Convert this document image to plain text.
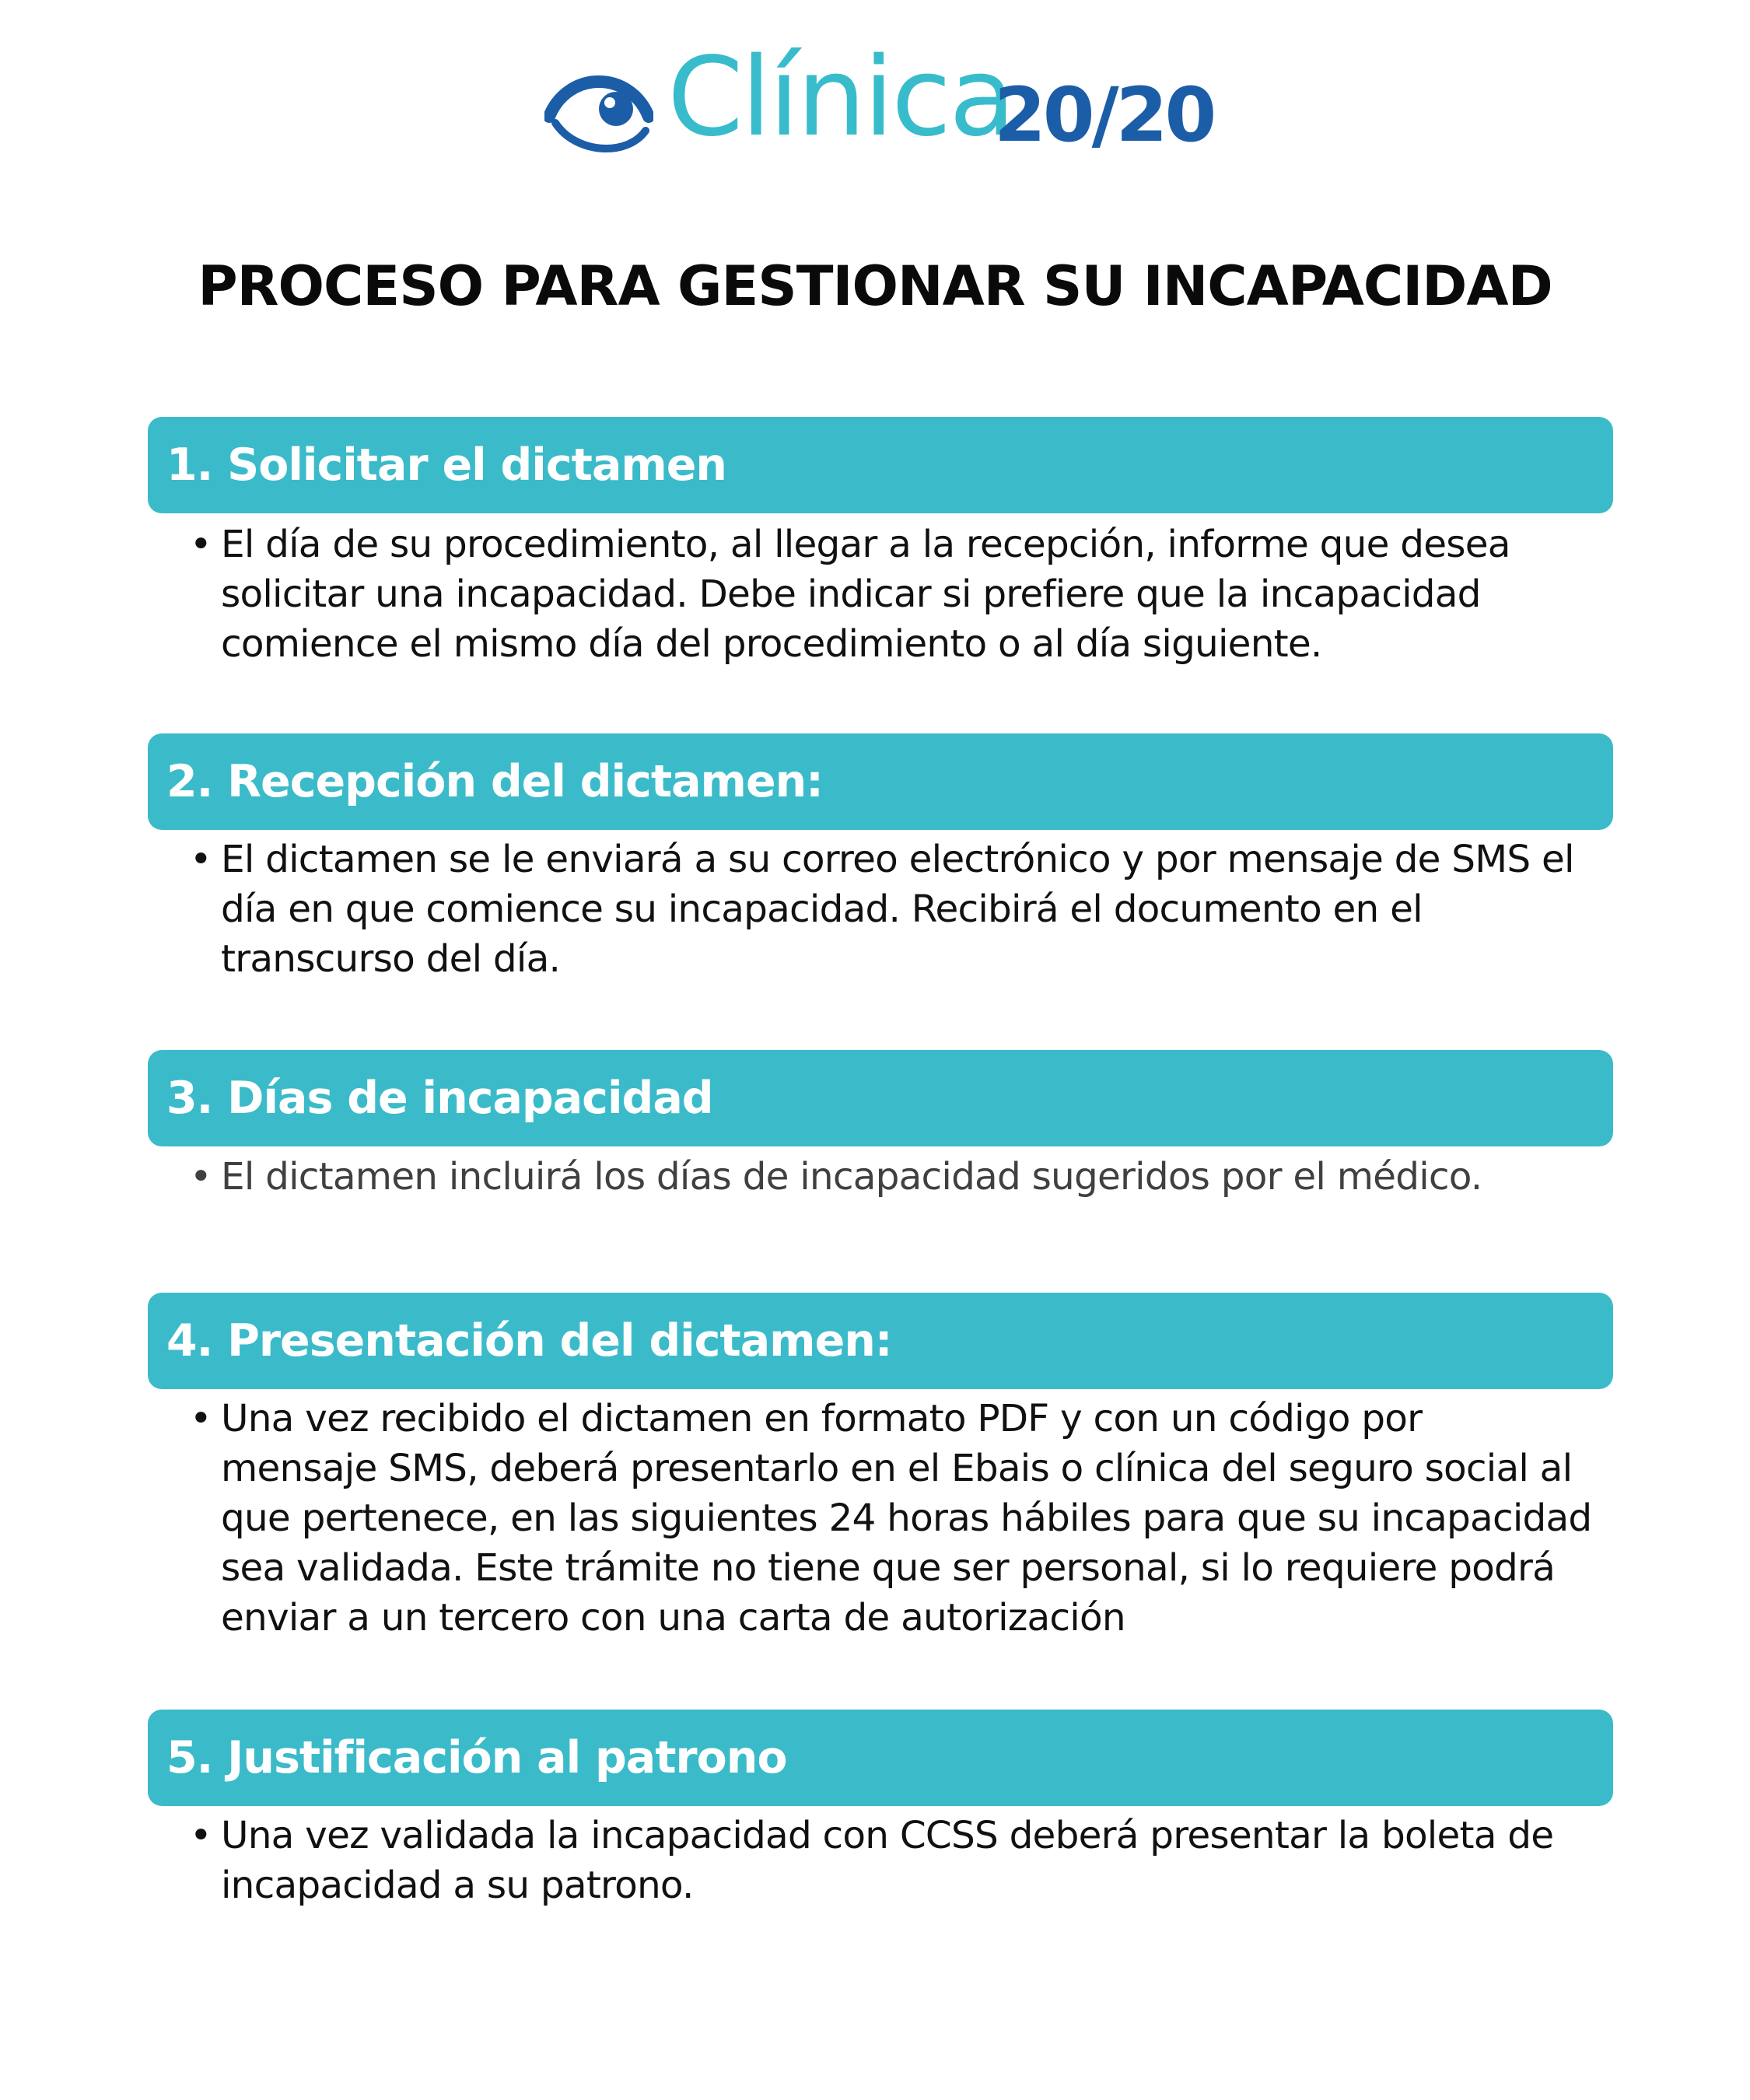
Clínica
20/20
PROCESO PARA GESTIONAR SU INCAPACIDAD
1. Solicitar el dictamen
• El día de su procedimiento, al llegar a la recepción, informe que desea
solicitar una incapacidad. Debe indicar si prefiere que la incapacidad
comience el mismo día del procedimiento o al día siguiente.
2. Recepción del dictamen:
• El dictamen se le enviará a su correo electrónico y por mensaje de SMS el
día en que comience su incapacidad. Recibirá el documento en el
transcurso del día.
3. Días de incapacidad
• El dictamen incluirá los días de incapacidad sugeridos por el médico.
4. Presentación del dictamen:
• Una vez recibido el dictamen en formato PDF y con un código por
mensaje SMS, deberá presentarlo en el Ebais o clínica del seguro social al
que pertenece, en las siguientes 24 horas hábiles para que su incapacidad
sea validada. Este trámite no tiene que ser personal, si lo requiere podrá
enviar a un tercero con una carta de autorización
5. Justificación al patrono
• Una vez validada la incapacidad con CCSS deberá presentar la boleta de
incapacidad a su patrono.
